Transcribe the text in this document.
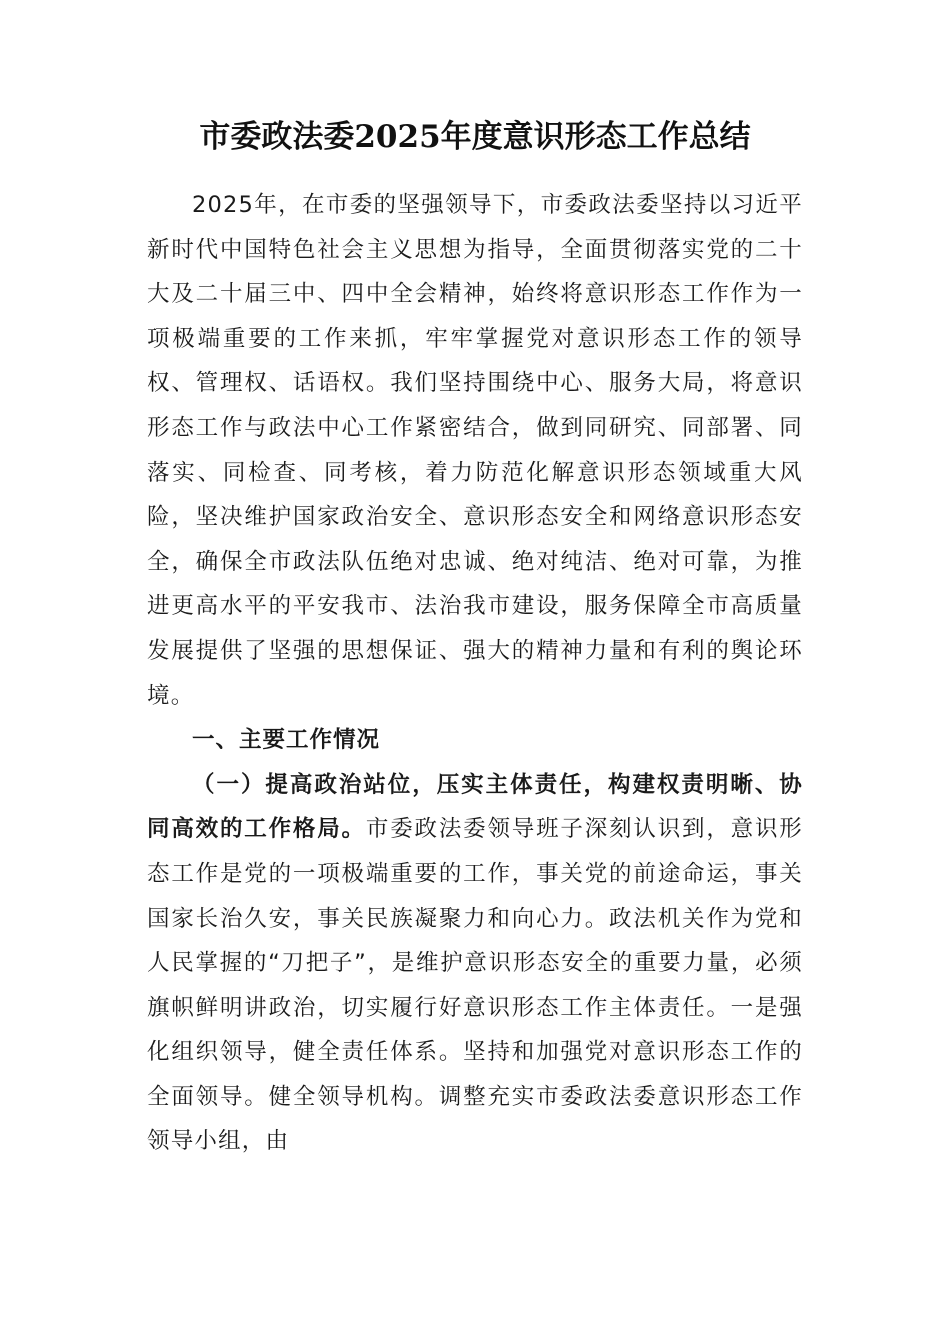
市委政法委2025年度意识形态工作总结

2025年，在市委的坚强领导下，市委政法委坚持以习近平新时代中国特色社会主义思想为指导，全面贯彻落实党的二十大及二十届三中、四中全会精神，始终将意识形态工作作为一项极端重要的工作来抓，牢牢掌握党对意识形态工作的领导权、管理权、话语权。我们坚持围绕中心、服务大局，将意识形态工作与政法中心工作紧密结合，做到同研究、同部署、同落实、同检查、同考核，着力防范化解意识形态领域重大风险，坚决维护国家政治安全、意识形态安全和网络意识形态安全，确保全市政法队伍绝对忠诚、绝对纯洁、绝对可靠，为推进更高水平的平安我市、法治我市建设，服务保障全市高质量发展提供了坚强的思想保证、强大的精神力量和有利的舆论环境。

一、主要工作情况

（一）提高政治站位，压实主体责任，构建权责明晰、协同高效的工作格局。市委政法委领导班子深刻认识到，意识形态工作是党的一项极端重要的工作，事关党的前途命运，事关国家长治久安，事关民族凝聚力和向心力。政法机关作为党和人民掌握的“刀把子”，是维护意识形态安全的重要力量，必须旗帜鲜明讲政治，切实履行好意识形态工作主体责任。一是强化组织领导，健全责任体系。坚持和加强党对意识形态工作的全面领导。健全领导机构。调整充实市委政法委意识形态工作领导小组，由
